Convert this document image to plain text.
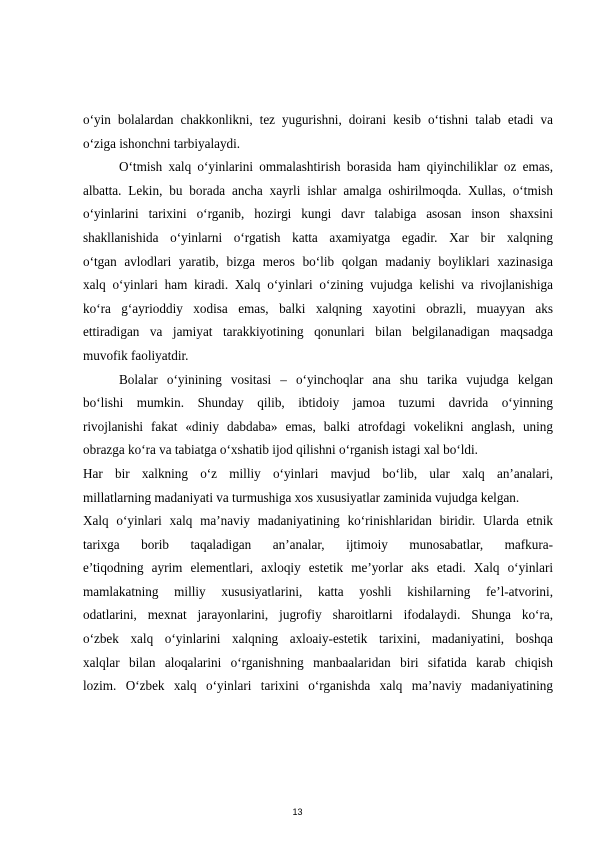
o‘yin bolalardan chakkonlikni, tez yugurishni, doirani kesib o‘tishni talab etadi va
o‘ziga ishonchni tarbiyalaydi.
O‘tmish xalq o‘yinlarini ommalashtirish borasida ham qiyinchiliklar oz emas,
albatta. Lekin, bu borada ancha xayrli ishlar amalga oshirilmoqda. Xullas, o‘tmish
o‘yinlarini tarixini o‘rganib, hozirgi kungi davr talabiga asosan inson shaxsini
shakllanishida o‘yinlarni o‘rgatish katta axamiyatga egadir. Xar bir xalqning
o‘tgan avlodlari yaratib, bizga meros bo‘lib qolgan madaniy boyliklari xazinasiga
xalq o‘yinlari ham kiradi. Xalq o‘yinlari o‘zining vujudga kelishi va rivojlanishiga
ko‘ra g‘ayrioddiy xodisa emas, balki xalqning xayotini obrazli, muayyan aks
ettiradigan va jamiyat tarakkiyotining qonunlari bilan belgilanadigan maqsadga
muvofik faoliyatdir.
Bolalar o‘yinining vositasi – o‘yinchoqlar ana shu tarika vujudga kelgan
bo‘lishi mumkin. Shunday qilib, ibtidoiy jamoa tuzumi davrida o‘yinning
rivojlanishi fakat «diniy dabdaba» emas, balki atrofdagi vokelikni anglash, uning
obrazga ko‘ra va tabiatga o‘xshatib ijod qilishni o‘rganish istagi xal bo‘ldi.
Har bir xalkning o‘z milliy o‘yinlari mavjud bo‘lib, ular xalq an’analari,
millatlarning madaniyati va turmushiga xos xususiyatlar zaminida vujudga kelgan.
Xalq o‘yinlari xalq ma’naviy madaniyatining ko‘rinishlaridan biridir. Ularda etnik
tarixga borib taqaladigan an’analar, ijtimoiy munosabatlar, mafkura-
e’tiqodning ayrim elementlari, axloqiy estetik me’yorlar aks etadi. Xalq o‘yinlari
mamlakatning milliy xususiyatlarini, katta yoshli kishilarning fe’l-atvorini,
odatlarini, mexnat jarayonlarini, jugrofiy sharoitlarni ifodalaydi. Shunga ko‘ra,
o‘zbek xalq o‘yinlarini xalqning axloaiy-estetik tarixini, madaniyatini, boshqa
xalqlar bilan aloqalarini o‘rganishning manbaalaridan biri sifatida karab chiqish
lozim. O‘zbek xalq o‘yinlari tarixini o‘rganishda xalq ma’naviy madaniyatining
13
